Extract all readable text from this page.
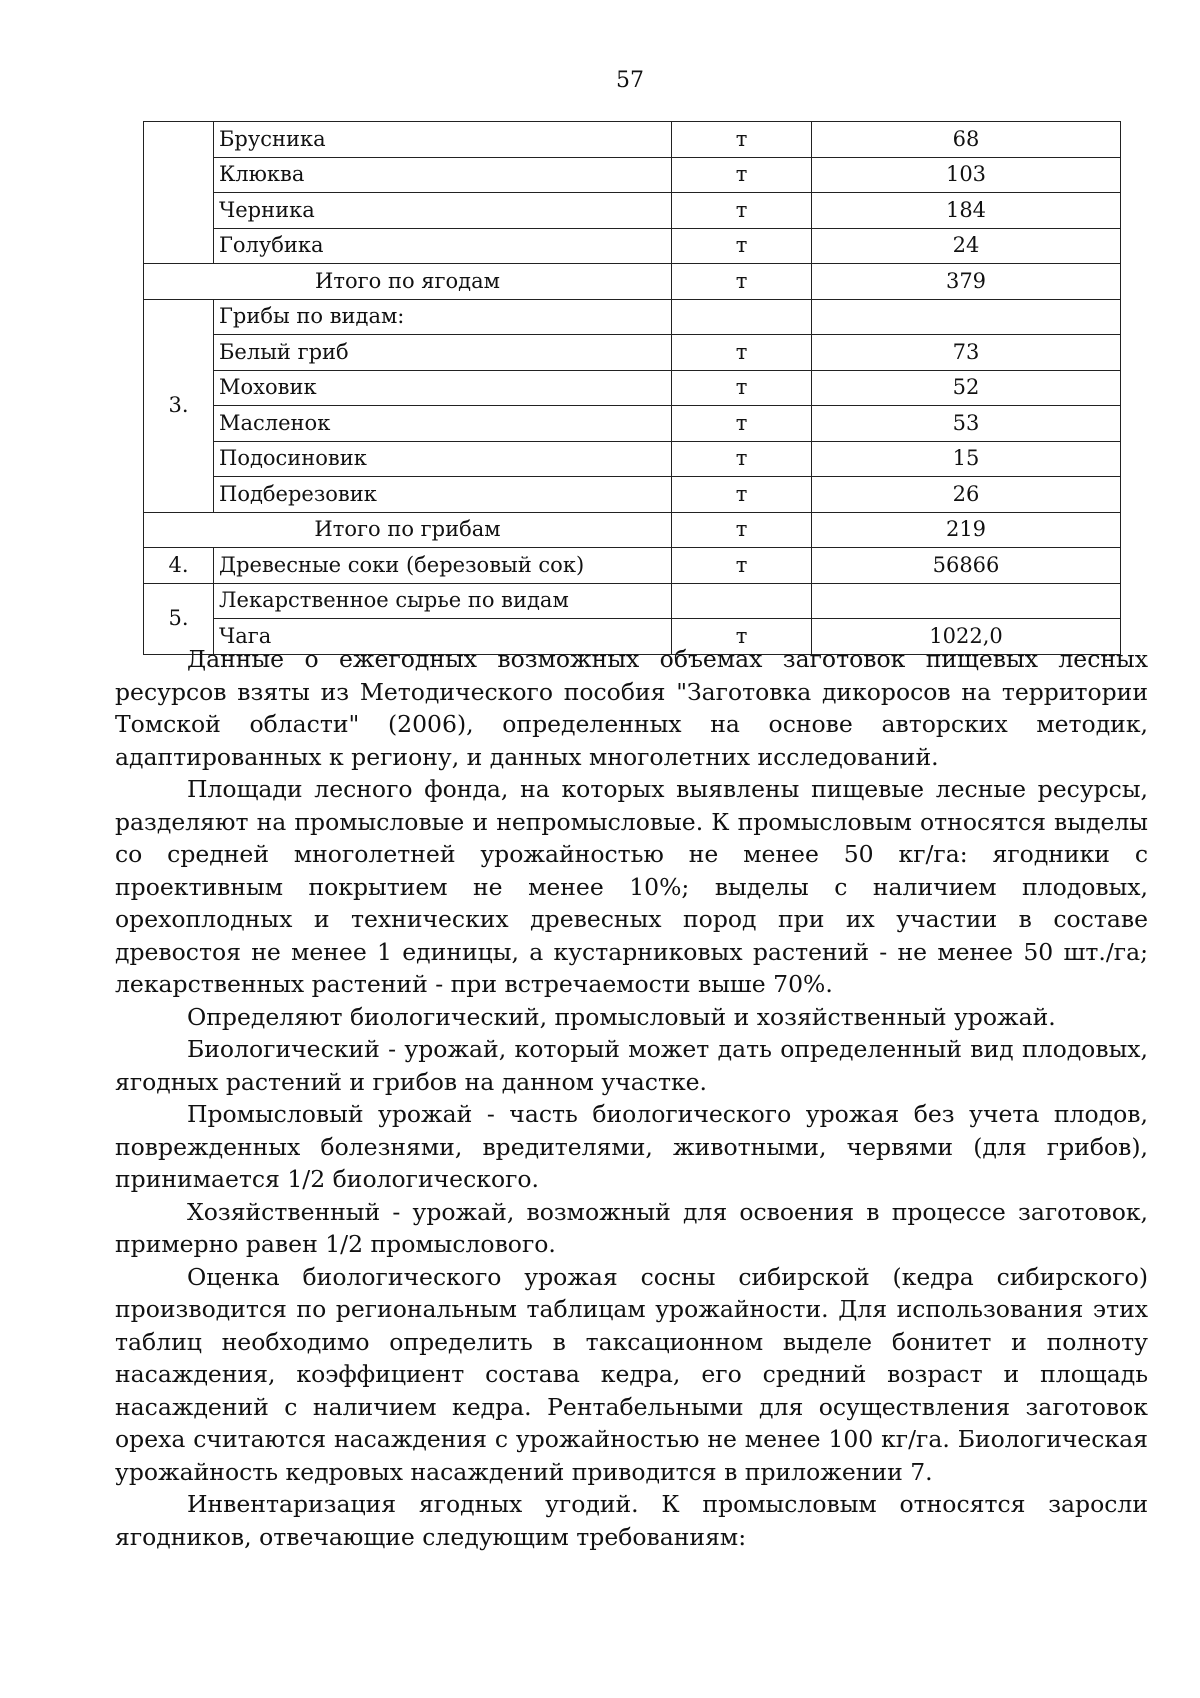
57
	Брусника	т	68
	Клюква	т	103
	Черника	т	184
	Голубика	т	24
Итого по ягодам		т	379
3.	Грибы по видам:		
	Белый гриб	т	73
	Моховик	т	52
	Масленок	т	53
	Подосиновик	т	15
	Подберезовик	т	26
Итого по грибам		т	219
4.	Древесные соки (березовый сок)	т	56866
5.	Лекарственное сырье по видам		
	Чага	т	1022,0

Данные о ежегодных возможных объемах заготовок пищевых лесных ресурсов взяты из Методического пособия "Заготовка дикоросов на территории Томской области" (2006), определенных на основе авторских методик, адаптированных к региону, и данных многолетних исследований.

Площади лесного фонда, на которых выявлены пищевые лесные ресурсы, разделяют на промысловые и непромысловые. К промысловым относятся выделы со средней многолетней урожайностью не менее 50 кг/га: ягодники с проективным покрытием не менее 10%; выделы с наличием плодовых, орехоплодных и технических древесных пород при их участии в составе древостоя не менее 1 единицы, а кустарниковых растений - не менее 50 шт./га; лекарственных растений - при встречаемости выше 70%.

Определяют биологический, промысловый и хозяйственный урожай.

Биологический - урожай, который может дать определенный вид плодовых, ягодных растений и грибов на данном участке.

Промысловый урожай - часть биологического урожая без учета плодов, поврежденных болезнями, вредителями, животными, червями (для грибов), принимается 1/2 биологического.

Хозяйственный - урожай, возможный для освоения в процессе заготовок, примерно равен 1/2 промыслового.

Оценка биологического урожая сосны сибирской (кедра сибирского) производится по региональным таблицам урожайности. Для использования этих таблиц необходимо определить в таксационном выделе бонитет и полноту насаждения, коэффициент состава кедра, его средний возраст и площадь насаждений с наличием кедра. Рентабельными для осуществления заготовок ореха считаются насаждения с урожайностью не менее 100 кг/га. Биологическая урожайность кедровых насаждений приводится в приложении 7.

Инвентаризация ягодных угодий. К промысловым относятся заросли ягодников, отвечающие следующим требованиям:
